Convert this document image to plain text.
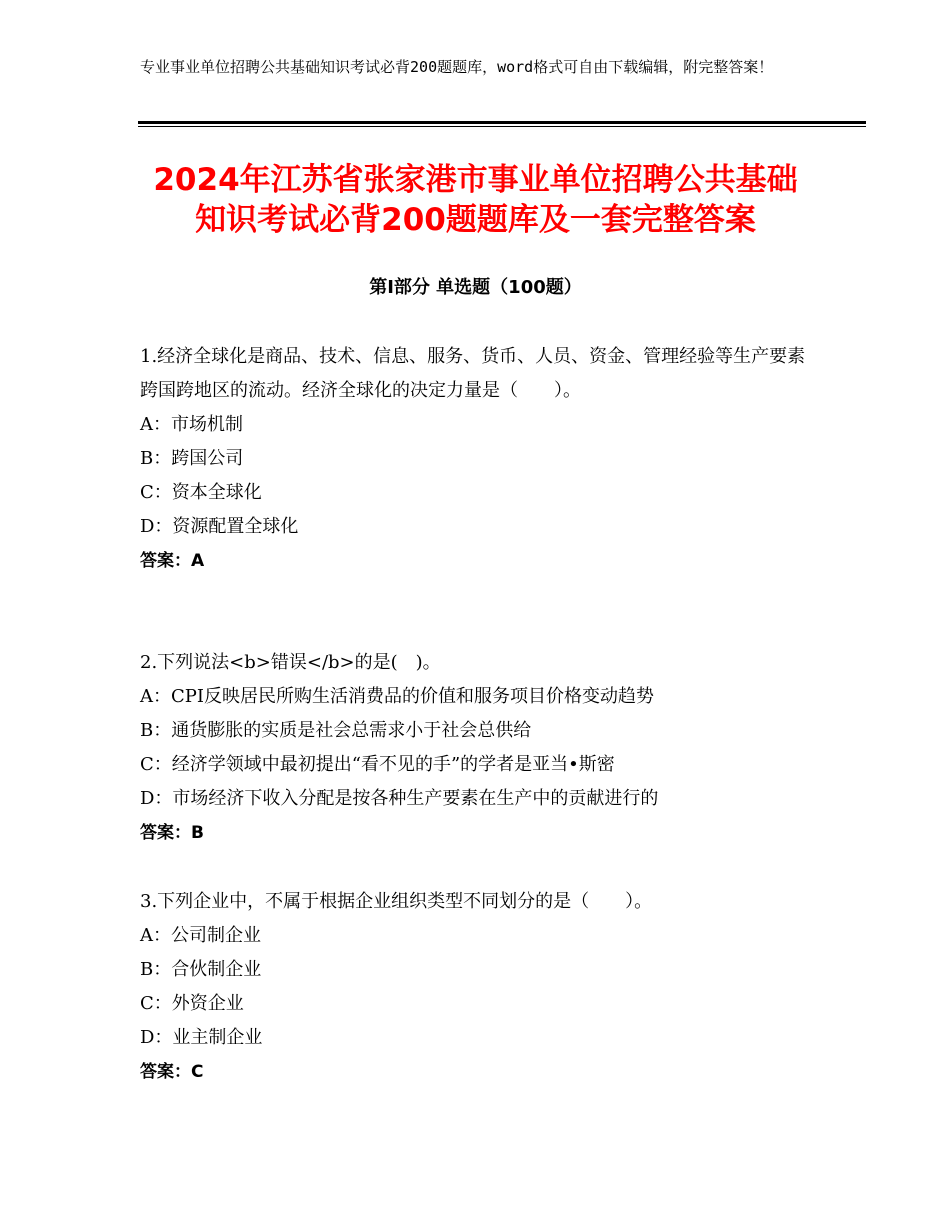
专业事业单位招聘公共基础知识考试必背200题题库，word格式可自由下载编辑，附完整答案！
2024年江苏省张家港市事业单位招聘公共基础知识考试必背200题题库及一套完整答案
第Ⅰ部分 单选题（100题）
1.经济全球化是商品、技术、信息、服务、货币、人员、资金、管理经验等生产要素跨国跨地区的流动。经济全球化的决定力量是（　　）。
A：市场机制
B：跨国公司
C：资本全球化
D：资源配置全球化
答案：A
2.下列说法<b>错误</b>的是(　)。
A：CPI反映居民所购生活消费品的价值和服务项目价格变动趋势
B：通货膨胀的实质是社会总需求小于社会总供给
C：经济学领域中最初提出“看不见的手”的学者是亚当•斯密
D：市场经济下收入分配是按各种生产要素在生产中的贡献进行的
答案：B
3.下列企业中，不属于根据企业组织类型不同划分的是（　　）。
A：公司制企业
B：合伙制企业
C：外资企业
D：业主制企业
答案：C
